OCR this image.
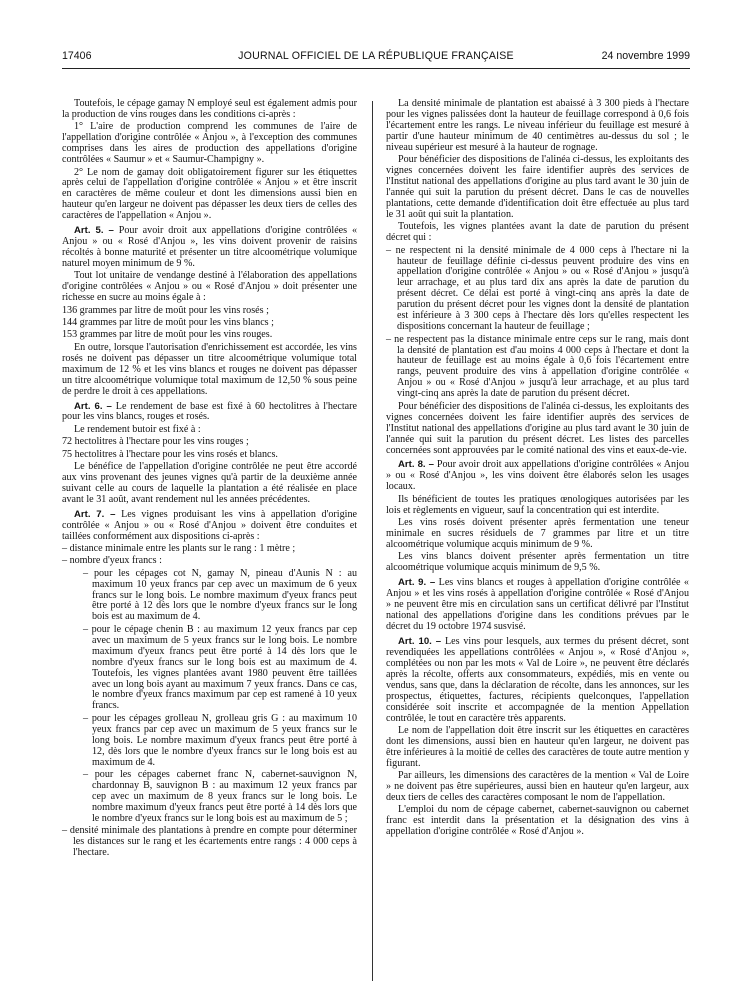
17406	JOURNAL OFFICIEL DE LA RÉPUBLIQUE FRANÇAISE	24 novembre 1999

Toutefois, le cépage gamay N employé seul est également admis pour la production de vins rouges dans les conditions ci-après :

1° L'aire de production comprend les communes de l'aire de l'appellation d'origine contrôlée « Anjou », à l'exception des communes comprises dans les aires de production des appellations d'origine contrôlées « Saumur » et « Saumur-Champigny ».

2° Le nom de gamay doit obligatoirement figurer sur les étiquettes après celui de l'appellation d'origine contrôlée « Anjou » et être inscrit en caractères de même couleur et dont les dimensions aussi bien en hauteur qu'en largeur ne doivent pas dépasser les deux tiers de celles des caractères de l'appellation « Anjou ».

Art. 5. – Pour avoir droit aux appellations d'origine contrôlées « Anjou » ou « Rosé d'Anjou », les vins doivent provenir de raisins récoltés à bonne maturité et présenter un titre alcoométrique volumique naturel moyen minimum de 9 %.

Tout lot unitaire de vendange destiné à l'élaboration des appellations d'origine contrôlées « Anjou » ou « Rosé d'Anjou » doit présenter une richesse en sucre au moins égale à :

136 grammes par litre de moût pour les vins rosés ;

144 grammes par litre de moût pour les vins blancs ;

153 grammes par litre de moût pour les vins rouges.

En outre, lorsque l'autorisation d'enrichissement est accordée, les vins rosés ne doivent pas dépasser un titre alcoométrique volumique total maximum de 12 % et les vins blancs et rouges ne doivent pas dépasser un titre alcoométrique volumique total maximum de 12,50 % sous peine de perdre le droit à ces appellations.

Art. 6. – Le rendement de base est fixé à 60 hectolitres à l'hectare pour les vins blancs, rouges et rosés.

Le rendement butoir est fixé à :

72 hectolitres à l'hectare pour les vins rouges ;

75 hectolitres à l'hectare pour les vins rosés et blancs.

Le bénéfice de l'appellation d'origine contrôlée ne peut être accordé aux vins provenant des jeunes vignes qu'à partir de la deuxième année suivant celle au cours de laquelle la plantation a été réalisée en place avant le 31 août, avant rendement nul les années précédentes.

Art. 7. – Les vignes produisant les vins à appellation d'origine contrôlée « Anjou » ou « Rosé d'Anjou » doivent être conduites et taillées conformément aux dispositions ci-après :

– distance minimale entre les plants sur le rang : 1 mètre ;

– nombre d'yeux francs :

– pour les cépages cot N, gamay N, pineau d'Aunis N : au maximum 10 yeux francs par cep avec un maximum de 6 yeux francs sur le long bois. Le nombre maximum d'yeux francs peut être porté à 12 dès lors que le nombre d'yeux francs sur le long bois est au maximum de 4.

– pour le cépage chenin B : au maximum 12 yeux francs par cep avec un maximum de 5 yeux francs sur le long bois. Le nombre maximum d'yeux francs peut être porté à 14 dès lors que le nombre d'yeux francs sur le long bois est au maximum de 4. Toutefois, les vignes plantées avant 1980 peuvent être taillées avec un long bois ayant au maximum 7 yeux francs. Dans ce cas, le nombre d'yeux francs maximum par cep est ramené à 10 yeux francs.

– pour les cépages grolleau N, grolleau gris G : au maximum 10 yeux francs par cep avec un maximum de 5 yeux francs sur le long bois. Le nombre maximum d'yeux francs peut être porté à 12, dès lors que le nombre d'yeux francs sur le long bois est au maximum de 4.

– pour les cépages cabernet franc N, cabernet-sauvignon N, chardonnay B, sauvignon B : au maximum 12 yeux francs par cep avec un maximum de 8 yeux francs sur le long bois. Le nombre maximum d'yeux francs peut être porté à 14 dès lors que le nombre d'yeux francs sur le long bois est au maximum de 5 ;

– densité minimale des plantations à prendre en compte pour déterminer les distances sur le rang et les écartements entre rangs : 4 000 ceps à l'hectare.

La densité minimale de plantation est abaissé à 3 300 pieds à l'hectare pour les vignes palissées dont la hauteur de feuillage correspond à 0,6 fois l'écartement entre les rangs. Le niveau inférieur du feuillage est mesuré à partir d'une hauteur minimum de 40 centimètres au-dessus du sol ; le niveau supérieur est mesuré à la hauteur de rognage.

Pour bénéficier des dispositions de l'alinéa ci-dessus, les exploitants des vignes concernées doivent les faire identifier auprès des services de l'Institut national des appellations d'origine au plus tard avant le 30 juin de l'année qui suit la parution du présent décret. Dans le cas de nouvelles plantations, cette demande d'identification doit être effectuée au plus tard le 31 août qui suit la plantation.

Toutefois, les vignes plantées avant la date de parution du présent décret qui :

– ne respectent ni la densité minimale de 4 000 ceps à l'hectare ni la hauteur de feuillage définie ci-dessus peuvent produire des vins en appellation d'origine contrôlée « Anjou » ou « Rosé d'Anjou » jusqu'à leur arrachage, et au plus tard dix ans après la date de parution du présent décret. Ce délai est porté à vingt-cinq ans après la date de parution du présent décret pour les vignes dont la densité de plantation est inférieure à 3 300 ceps à l'hectare dès lors qu'elles respectent les dispositions concernant la hauteur de feuillage ;

– ne respectent pas la distance minimale entre ceps sur le rang, mais dont la densité de plantation est d'au moins 4 000 ceps à l'hectare et dont la hauteur de feuillage est au moins égale à 0,6 fois l'écartement entre rangs, peuvent produire des vins à appellation d'origine contrôlée « Anjou » ou « Rosé d'Anjou » jusqu'à leur arrachage, et au plus tard vingt-cinq ans après la date de parution du présent décret.

Pour bénéficier des dispositions de l'alinéa ci-dessus, les exploitants des vignes concernées doivent les faire identifier auprès des services de l'Institut national des appellations d'origine au plus tard avant le 30 juin de l'année qui suit la parution du présent décret. Les listes des parcelles concernées sont approuvées par le comité national des vins et eaux-de-vie.

Art. 8. – Pour avoir droit aux appellations d'origine contrôlées « Anjou » ou « Rosé d'Anjou », les vins doivent être élaborés selon les usages locaux.

Ils bénéficient de toutes les pratiques œnologiques autorisées par les lois et règlements en vigueur, sauf la concentration qui est interdite.

Les vins rosés doivent présenter après fermentation une teneur minimale en sucres résiduels de 7 grammes par litre et un titre alcoométrique volumique acquis minimum de 9 %.

Les vins blancs doivent présenter après fermentation un titre alcoométrique volumique acquis minimum de 9,5 %.

Art. 9. – Les vins blancs et rouges à appellation d'origine contrôlée « Anjou » et les vins rosés à appellation d'origine contrôlée « Rosé d'Anjou » ne peuvent être mis en circulation sans un certificat délivré par l'Institut national des appellations d'origine dans les conditions prévues par le décret du 19 octobre 1974 susvisé.

Art. 10. – Les vins pour lesquels, aux termes du présent décret, sont revendiquées les appellations contrôlées « Anjou », « Rosé d'Anjou », complétées ou non par les mots « Val de Loire », ne peuvent être déclarés après la récolte, offerts aux consommateurs, expédiés, mis en vente ou vendus, sans que, dans la déclaration de récolte, dans les annonces, sur les prospectus, étiquettes, factures, récipients quelconques, l'appellation considérée soit inscrite et accompagnée de la mention Appellation contrôlée, le tout en caractère très apparents.

Le nom de l'appellation doit être inscrit sur les étiquettes en caractères dont les dimensions, aussi bien en hauteur qu'en largeur, ne doivent pas être inférieures à la moitié de celles des caractères de toute autre mention y figurant.

Par ailleurs, les dimensions des caractères de la mention « Val de Loire » ne doivent pas être supérieures, aussi bien en hauteur qu'en largeur, aux deux tiers de celles des caractères composant le nom de l'appellation.

L'emploi du nom de cépage cabernet, cabernet-sauvignon ou cabernet franc est interdit dans la présentation et la désignation des vins à appellation d'origine contrôlée « Rosé d'Anjou ».
